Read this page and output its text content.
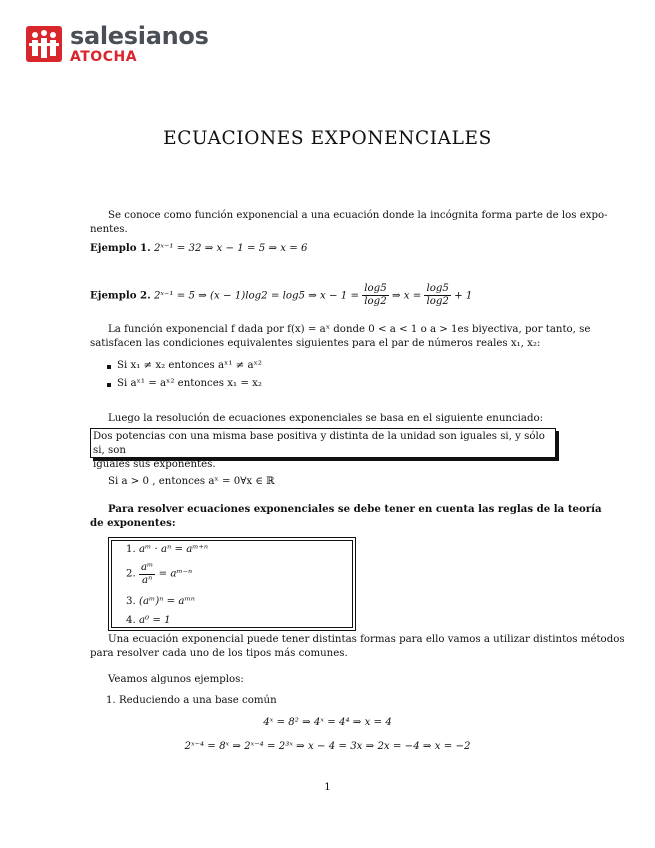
salesianos
ATOCHA
ECUACIONES EXPONENCIALES
Se conoce como función exponencial a una ecuación donde la incógnita forma parte de los expo-
nentes.
Ejemplo 1. 2ˣ⁻¹ = 32 ⇒ x − 1 = 5 ⇒ x = 6
Ejemplo 2. 2ˣ⁻¹ = 5 ⇒ (x − 1)log2 = log5 ⇒ $x - 1 = \frac{\log 5}{\log 2}$ ⇒ $x = \frac{\log 5}{\log 2} + 1$
La función exponencial f dada por f(x) = aˣ donde 0 < a < 1 o a > 1es biyectiva, por tanto, se
satisfacen las condiciones equivalentes siguientes para el par de números reales x₁, x₂:
Si x₁ ≠ x₂ entonces aˣ¹ ≠ aˣ²
Si aˣ¹ = aˣ² entonces x₁ = x₂
Luego la resolución de ecuaciones exponenciales se basa en el siguiente enunciado:
Dos potencias con una misma base positiva y distinta de la unidad son iguales si, y sólo si, son
iguales sus exponentes.
Si a > 0 , entonces aˣ = 0∀x ∈ ℝ
Para resolver ecuaciones exponenciales se debe tener en cuenta las reglas de la teoría
de exponentes:
1. aᵐ · aⁿ = aᵐ⁺ⁿ
2. $\frac{\text{aᵐ}}{\text{aⁿ}}$ = aᵐ⁻ⁿ
3. (aᵐ)ⁿ = aᵐⁿ
4. a⁰ = 1
Una ecuación exponencial puede tener distintas formas para ello vamos a utilizar distintos métodos
para resolver cada uno de los tipos más comunes.
Veamos algunos ejemplos:
1. Reduciendo a una base común
4ˣ = 8² ⇒ 4ˣ = 4⁴ ⇒ x = 4
2ˣ⁻⁴ = 8ˣ ⇒ 2ˣ⁻⁴ = 2³ˣ ⇒ x − 4 = 3x ⇒ 2x = −4 ⇒ x = −2
1
